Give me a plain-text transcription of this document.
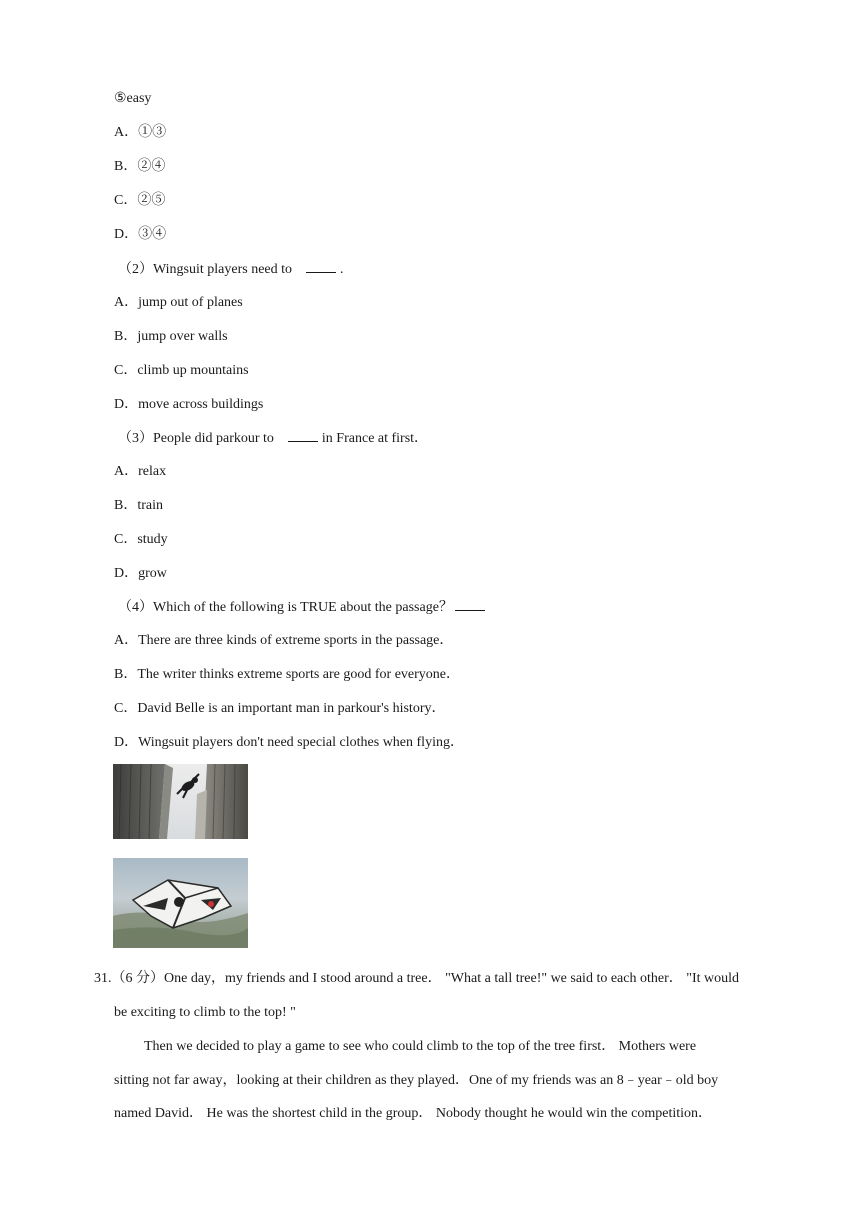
⑤easy
A．①③
B．②④
C．②⑤
D．③④
（2）Wingsuit players need to	.
A．jump out of planes
B．jump over walls
C．climb up mountains
D．move across buildings
（3）People did parkour to	in France at first．
A．relax
B．train
C．study
D．grow
（4）Which of the following is TRUE about the passage？
A．There are three kinds of extreme sports in the passage．
B．The writer thinks extreme sports are good for everyone．
C．David Belle is an important man in parkour's history．
D．Wingsuit players don't need special clothes when flying．
31.（6 分）One day，my friends and I stood around a tree． "What a tall tree!" we said to each other． "It would
be exciting to climb to the top! "
Then we decided to play a game to see who could climb to the top of the tree first． Mothers were
sitting not far away，looking at their children as they played．One of my friends was an 8﹣year﹣old boy
named David． He was the shortest child in the group． Nobody thought he would win the competition．
